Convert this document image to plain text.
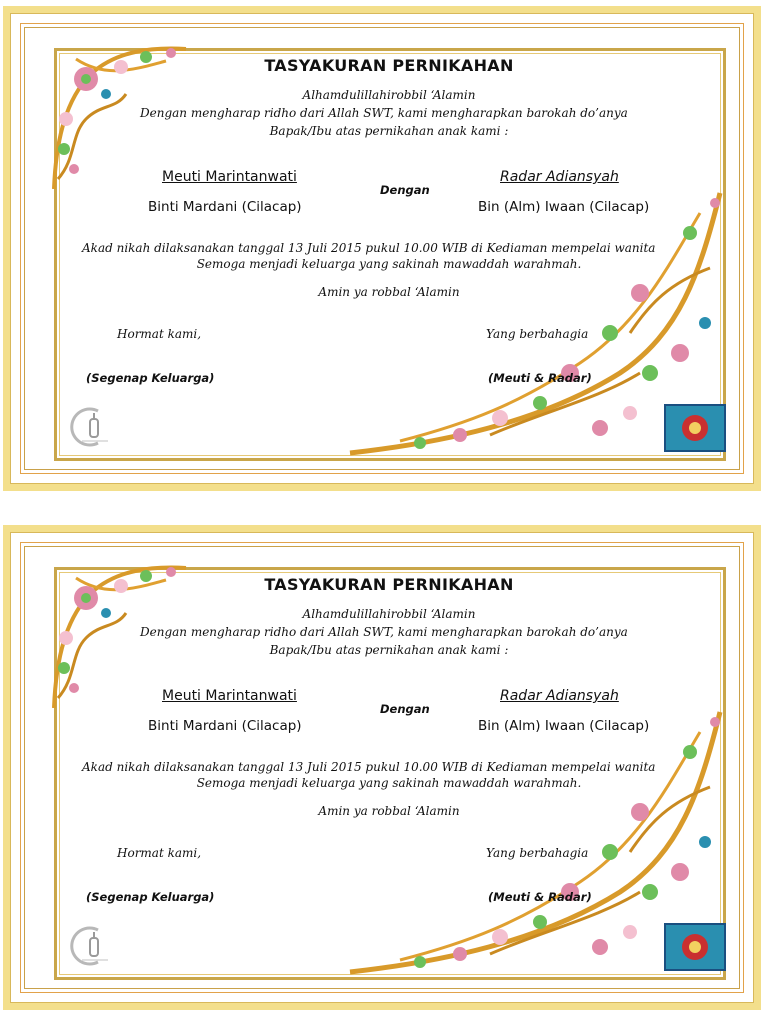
TASYAKURAN PERNIKAHAN
Alhamdulillahirobbil ‘Alamin
Dengan mengharap ridho dari Allah SWT, kami mengharapkan barokah do’anya
Bapak/Ibu atas pernikahan anak kami :
Meuti Marintanwati
Binti Mardani (Cilacap)
Dengan
Radar Adiansyah
Bin (Alm) Iwaan (Cilacap)
Akad nikah dilaksanakan tanggal 13 Juli 2015 pukul 10.00 WIB di Kediaman mempelai wanita
Semoga menjadi keluarga yang sakinah mawaddah warahmah.
Amin ya robbal ‘Alamin
Hormat kami,	Yang berbahagia
(Segenap Keluarga)	(Meuti & Radar)
TASYAKURAN PERNIKAHAN
Alhamdulillahirobbil ‘Alamin
Dengan mengharap ridho dari Allah SWT, kami mengharapkan barokah do’anya
Bapak/Ibu atas pernikahan anak kami :
Meuti Marintanwati
Binti Mardani (Cilacap)
Dengan
Radar Adiansyah
Bin (Alm) Iwaan (Cilacap)
Akad nikah dilaksanakan tanggal 13 Juli 2015 pukul 10.00 WIB di Kediaman mempelai wanita
Semoga menjadi keluarga yang sakinah mawaddah warahmah.
Amin ya robbal ‘Alamin
Hormat kami,	Yang berbahagia
(Segenap Keluarga)	(Meuti & Radar)
